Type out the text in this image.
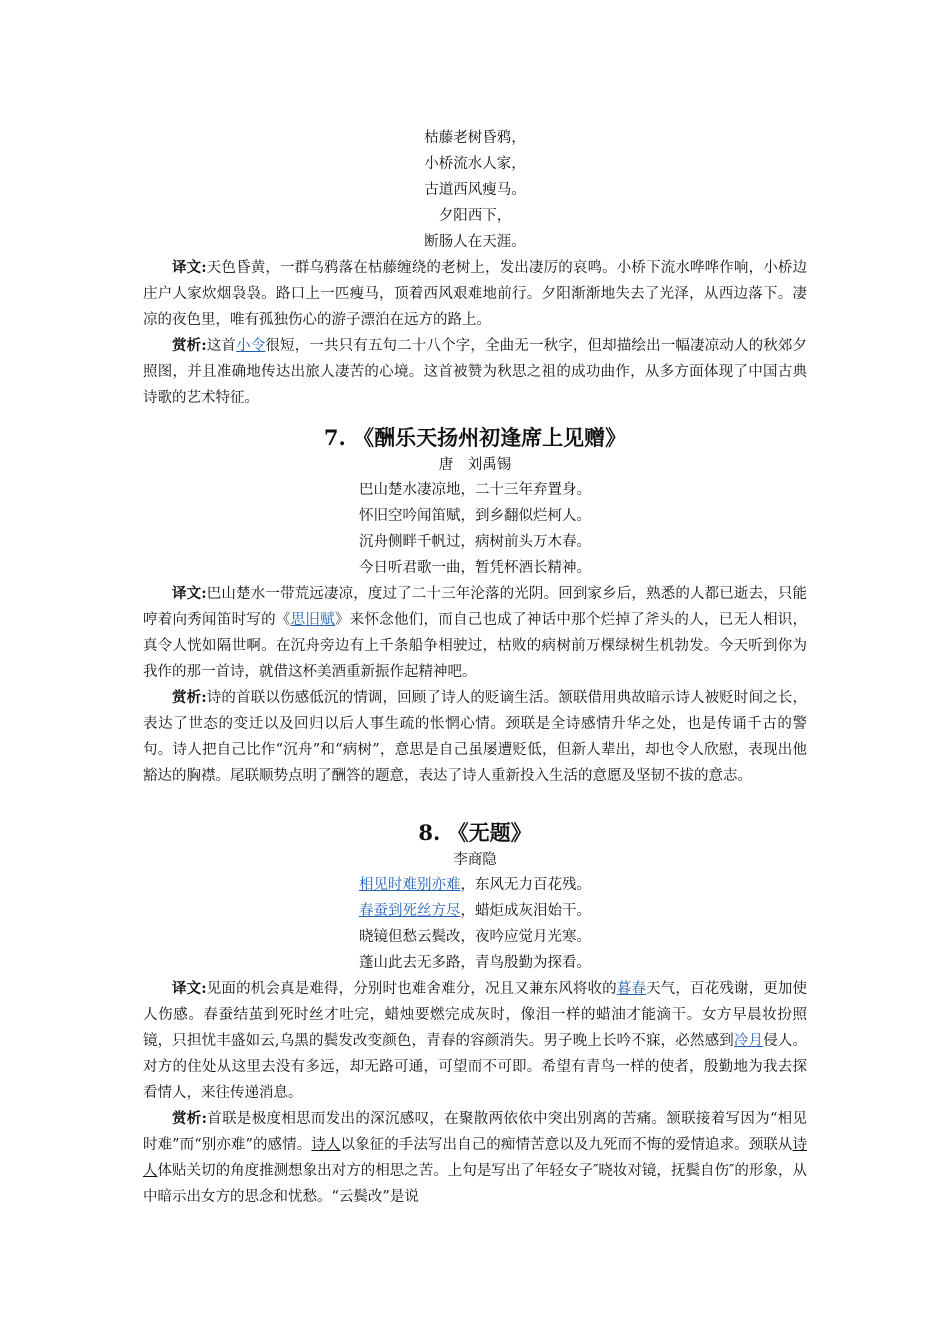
枯藤老树昏鸦，
小桥流水人家，
古道西风瘦马。
夕阳西下，
断肠人在天涯。

译文:天色昏黄，一群乌鸦落在枯藤缠绕的老树上，发出凄厉的哀鸣。小桥下流水哗哗作响，小桥边庄户人家炊烟袅袅。路口上一匹瘦马，顶着西风艰难地前行。夕阳渐渐地失去了光泽，从西边落下。凄凉的夜色里，唯有孤独伤心的游子漂泊在远方的路上。

赏析:这首小令很短，一共只有五句二十八个字，全曲无一秋字，但却描绘出一幅凄凉动人的秋郊夕照图，并且准确地传达出旅人凄苦的心境。这首被赞为秋思之祖的成功曲作，从多方面体现了中国古典诗歌的艺术特征。

7. 《酬乐天扬州初逢席上见赠》
唐　刘禹锡
巴山楚水凄凉地，二十三年弃置身。
怀旧空吟闻笛赋，到乡翻似烂柯人。
沉舟侧畔千帆过，病树前头万木春。
今日听君歌一曲，暂凭杯酒长精神。

译文:巴山楚水一带荒远凄凉，度过了二十三年沦落的光阴。回到家乡后，熟悉的人都已逝去，只能哼着向秀闻笛时写的《思旧赋》来怀念他们，而自己也成了神话中那个烂掉了斧头的人，已无人相识，真令人恍如隔世啊。在沉舟旁边有上千条船争相驶过，枯败的病树前万棵绿树生机勃发。今天听到你为我作的那一首诗，就借这杯美酒重新振作起精神吧。

赏析:诗的首联以伤感低沉的情调，回顾了诗人的贬谪生活。颔联借用典故暗示诗人被贬时间之长，表达了世态的变迁以及回归以后人事生疏的怅惘心情。颈联是全诗感情升华之处，也是传诵千古的警句。诗人把自己比作“沉舟”和“病树”，意思是自己虽屡遭贬低，但新人辈出，却也令人欣慰，表现出他豁达的胸襟。尾联顺势点明了酬答的题意，表达了诗人重新投入生活的意愿及坚韧不拔的意志。

8. 《无题》
李商隐
相见时难别亦难，东风无力百花残。
春蚕到死丝方尽，蜡炬成灰泪始干。
晓镜但愁云鬓改，夜吟应觉月光寒。
蓬山此去无多路，青鸟殷勤为探看。

译文:见面的机会真是难得，分别时也难舍难分，况且又兼东风将收的暮春天气，百花残谢，更加使人伤感。春蚕结茧到死时丝才吐完，蜡烛要燃完成灰时，像泪一样的蜡油才能滴干。女方早晨妆扮照镜，只担忧丰盛如云,乌黑的鬓发改变颜色，青春的容颜消失。男子晚上长吟不寐，必然感到冷月侵人。对方的住处从这里去没有多远，却无路可通，可望而不可即。希望有青鸟一样的使者，殷勤地为我去探看情人，来往传递消息。

赏析:首联是极度相思而发出的深沉感叹，在聚散两依依中突出别离的苦痛。颔联接着写因为“相见时难”而“别亦难”的感情。诗人以象征的手法写出自己的痴情苦意以及九死而不悔的爱情追求。颈联从诗人体贴关切的角度推测想象出对方的相思之苦。上句是写出了年轻女子″晓妆对镜，抚鬓自伤″的形象，从中暗示出女方的思念和忧愁。“云鬓改”是说
